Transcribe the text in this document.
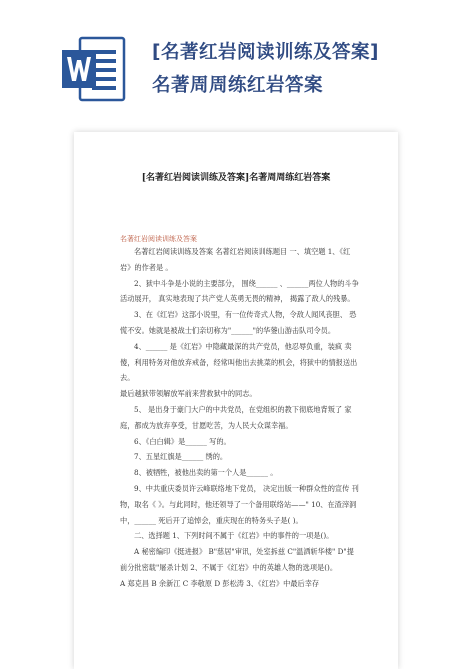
[名著红岩阅读训练及答案]
名著周周练红岩答案
[名著红岩阅读训练及答案]名著周周练红岩答案
名著红岩阅读训练及答案

名著红岩阅读训练及答案 名著红岩阅读训练题目 一、填空题 1、《红岩》的作者是 。

2、狱中斗争是小说的主要部分， 围绕______ 、______两位人物的斗争活动展开， 真实地表现了共产党人英勇无畏的精神， 揭露了敌人的残暴。

3、在《红岩》这部小说里，有一位传奇式人物，令敌人闻风丧胆、 恐慌不安。她就是被战士们亲切称为"______"的华蓥山游击队司令员。

4、______ 是《红岩》中隐藏最深的共产党员，他忍辱负重，装疯 卖傻，利用特务对他放弃戒备，经常叫他出去挑菜的机会，将狱中的情报送出去。

最后越狱带领解放军前来营救狱中的同志。

5、 是出身于豪门大户的中共党员，在党组织的教下彻底地背叛了 家庭，都成为放弃享受，甘愿吃苦，为人民大众谋幸福。

6、《白白辑》是______ 写的。

7、五星红旗是______ 绣的。

8、被牺牲，被他出卖的第一个人是______ 。

9、中共重庆委员许云峰联络地下党员， 决定出版一种群众性的宣传 刊物，取名《 》。与此同时，他还领导了一个备用联络站——" 10、在渣滓洞中，______ 死后开了追悼会，重庆现在的特务头子是( )。

二、选择题 1、下列时间不属于《红岩》中的事件的一项是()。

A 秘密编印《挺进报》 B"慈居"审讯，处室拆兹 C"温洒斩华楼" D"提前分批密载"屠杀计划 2、不属于《红岩》中的英雄人物的选项是()。

A 郑克昌 B 余新江 C 李敬原 D 彭松涛 3、《红岩》中最后幸存
